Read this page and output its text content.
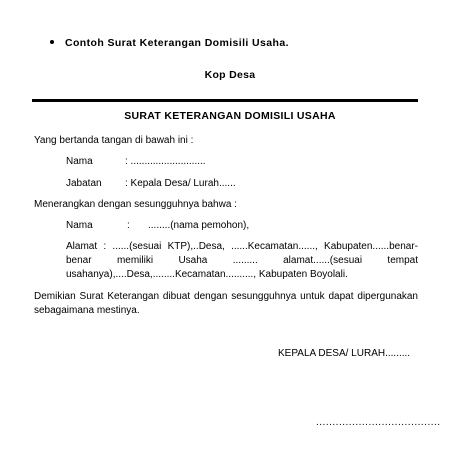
Contoh Surat Keterangan Domisili Usaha.
Kop Desa
SURAT KETERANGAN DOMISILI USAHA
Yang bertanda tangan di bawah ini :
Nama	: ...........................
Jabatan : Kepala Desa/ Lurah......
Menerangkan dengan sesungguhnya bahwa :
Nama	: ........(nama pemohon),
Alamat : ......(sesuai KTP),..Desa, ......Kecamatan......, Kabupaten......benar-benar memiliki Usaha ......... alamat......(sesuai tempat usahanya),....Desa,........Kecamatan.........., Kabupaten Boyolali.
Demikian Surat Keterangan dibuat dengan sesungguhnya untuk dapat dipergunakan sebagaimana mestinya.
KEPALA DESA/ LURAH.........
......................................
